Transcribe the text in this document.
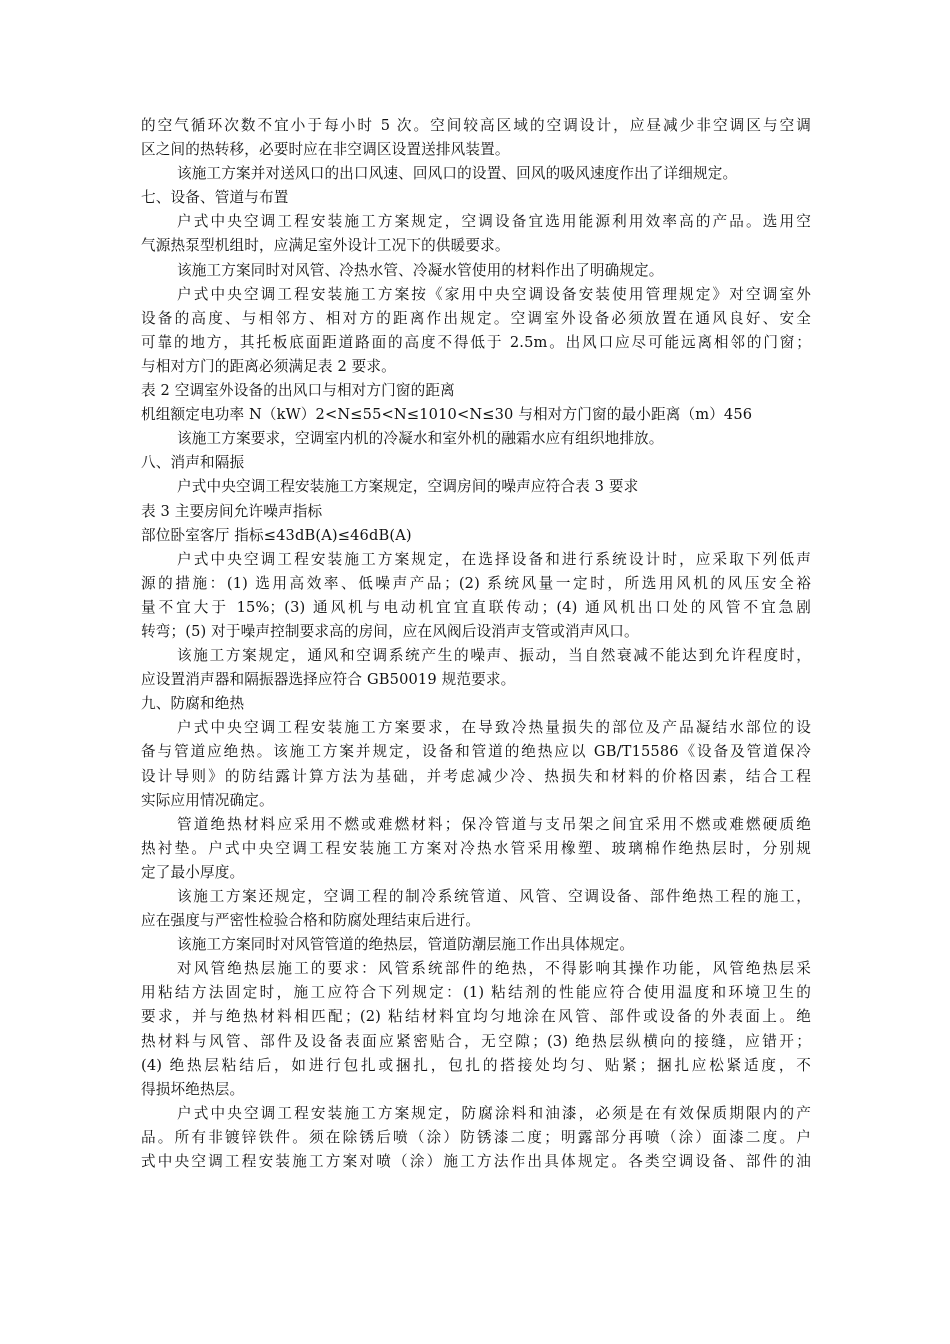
的空气循环次数不宜小于每小时 5 次。空间较高区域的空调设计，应昼减少非空调区与空调
区之间的热转移，必要时应在非空调区设置送排风装置。
该施工方案并对送风口的出口风速、回风口的设置、回风的吸风速度作出了详细规定。
七、设备、管道与布置
户式中央空调工程安装施工方案规定，空调设备宜选用能源利用效率高的产品。选用空
气源热泵型机组时，应满足室外设计工况下的供暖要求。
该施工方案同时对风管、冷热水管、冷凝水管使用的材料作出了明确规定。
户式中央空调工程安装施工方案按《家用中央空调设备安装使用管理规定》对空调室外
设备的高度、与相邻方、相对方的距离作出规定。空调室外设备必须放置在通风良好、安全
可靠的地方，其托板底面距道路面的高度不得低于 2.5m。出风口应尽可能远离相邻的门窗；
与相对方门的距离必须满足表 2 要求。
表 2 空调室外设备的出风口与相对方门窗的距离
机组额定电功率 N（kW）2<N≤55<N≤1010<N≤30 与相对方门窗的最小距离（m）456
该施工方案要求，空调室内机的冷凝水和室外机的融霜水应有组织地排放。
八、消声和隔振
户式中央空调工程安装施工方案规定，空调房间的噪声应符合表 3 要求
表 3 主要房间允许噪声指标
部位卧室客厅 指标≤43dB(A)≤46dB(A)
户式中央空调工程安装施工方案规定，在选择设备和进行系统设计时，应采取下列低声
源的措施：(1) 选用高效率、低噪声产品；(2) 系统风量一定时，所选用风机的风压安全裕
量不宜大于 15%；(3) 通风机与电动机宜宜直联传动；(4) 通风机出口处的风管不宜急剧
转弯；(5) 对于噪声控制要求高的房间，应在风阀后设消声支管或消声风口。
该施工方案规定，通风和空调系统产生的噪声、振动，当自然衰减不能达到允许程度时，
应设置消声器和隔振器选择应符合 GB50019 规范要求。
九、防腐和绝热
户式中央空调工程安装施工方案要求，在导致冷热量损失的部位及产品凝结水部位的设
备与管道应绝热。该施工方案并规定，设备和管道的绝热应以 GB/T15586《设备及管道保冷
设计导则》的防结露计算方法为基础，并考虑减少冷、热损失和材料的价格因素，结合工程
实际应用情况确定。
管道绝热材料应采用不燃或难燃材料；保冷管道与支吊架之间宜采用不燃或难燃硬质绝
热衬垫。户式中央空调工程安装施工方案对冷热水管采用橡塑、玻璃棉作绝热层时，分别规
定了最小厚度。
该施工方案还规定，空调工程的制冷系统管道、风管、空调设备、部件绝热工程的施工，
应在强度与严密性检验合格和防腐处理结束后进行。
该施工方案同时对风管管道的绝热层，管道防潮层施工作出具体规定。
对风管绝热层施工的要求：风管系统部件的绝热，不得影响其操作功能，风管绝热层采
用粘结方法固定时，施工应符合下列规定：(1) 粘结剂的性能应符合使用温度和环境卫生的
要求，并与绝热材料相匹配；(2) 粘结材料宜均匀地涂在风管、部件或设备的外表面上。绝
热材料与风管、部件及设备表面应紧密贴合，无空隙；(3) 绝热层纵横向的接缝，应错开；
(4) 绝热层粘结后，如进行包扎或捆扎，包扎的搭接处均匀、贴紧；捆扎应松紧适度，不
得损坏绝热层。
户式中央空调工程安装施工方案规定，防腐涂料和油漆，必须是在有效保质期限内的产
品。所有非镀锌铁件。须在除锈后喷（涂）防锈漆二度；明露部分再喷（涂）面漆二度。户
式中央空调工程安装施工方案对喷（涂）施工方法作出具体规定。各类空调设备、部件的油
